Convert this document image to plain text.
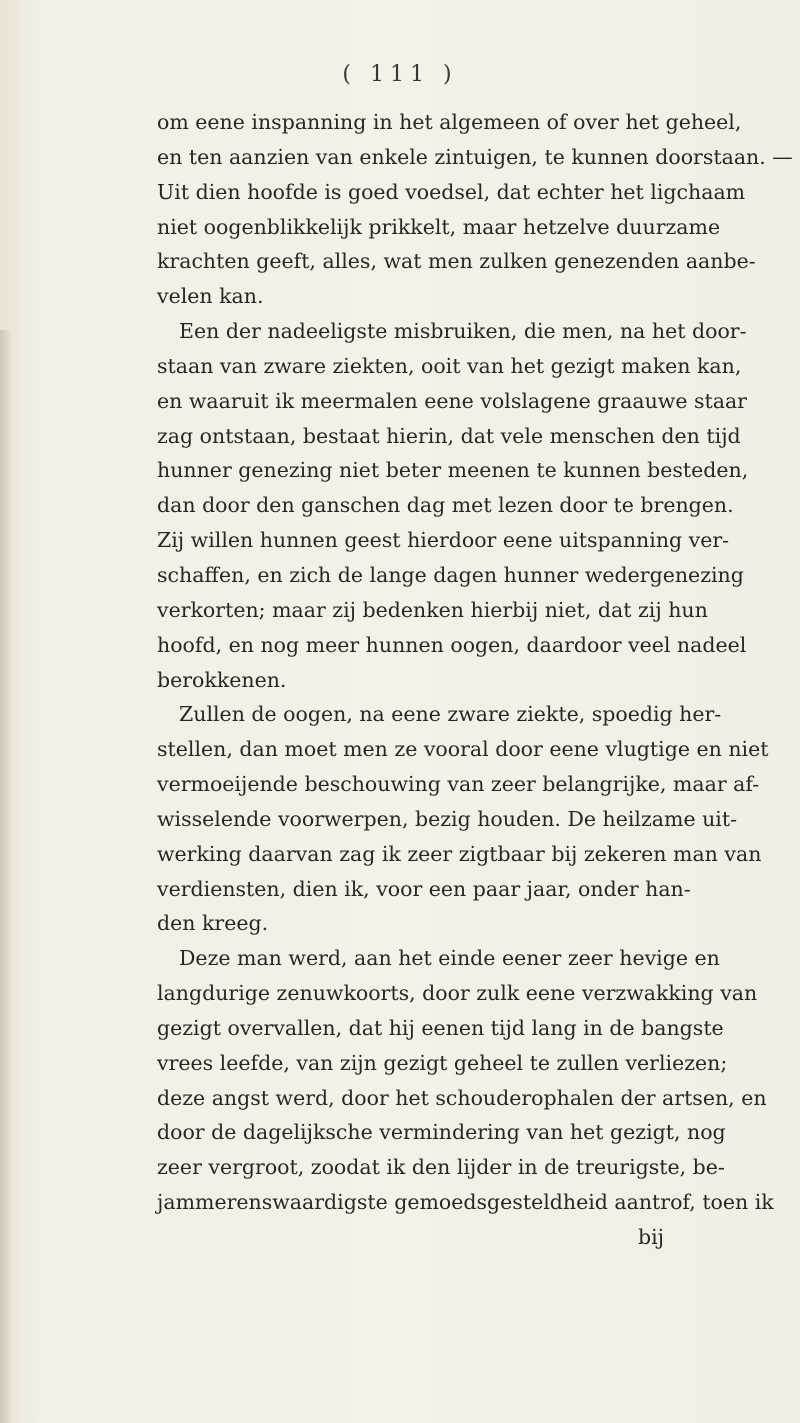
( 111 )
om eene inspanning in het algemeen of over het geheel,
en ten aanzien van enkele zintuigen, te kunnen doorstaan. —
Uit dien hoofde is goed voedsel, dat echter het ligchaam
niet oogenblikkelijk prikkelt, maar hetzelve duurzame
krachten geeft, alles, wat men zulken genezenden aanbe-
velen kan.
Een der nadeeligste misbruiken, die men, na het door-
staan van zware ziekten, ooit van het gezigt maken kan,
en waaruit ik meermalen eene volslagene graauwe staar
zag ontstaan, bestaat hierin, dat vele menschen den tijd
hunner genezing niet beter meenen te kunnen besteden,
dan door den ganschen dag met lezen door te brengen.
Zij willen hunnen geest hierdoor eene uitspanning ver-
schaffen, en zich de lange dagen hunner wedergenezing
verkorten; maar zij bedenken hierbij niet, dat zij hun
hoofd, en nog meer hunnen oogen, daardoor veel nadeel
berokkenen.
Zullen de oogen, na eene zware ziekte, spoedig her-
stellen, dan moet men ze vooral door eene vlugtige en niet
vermoeijende beschouwing van zeer belangrijke, maar af-
wisselende voorwerpen, bezig houden. De heilzame uit-
werking daarvan zag ik zeer zigtbaar bij zekeren man van
verdiensten, dien ik, voor een paar jaar, onder han-
den kreeg.
Deze man werd, aan het einde eener zeer hevige en
langdurige zenuwkoorts, door zulk eene verzwakking van
gezigt overvallen, dat hij eenen tijd lang in de bangste
vrees leefde, van zijn gezigt geheel te zullen verliezen;
deze angst werd, door het schouderophalen der artsen, en
door de dagelijksche vermindering van het gezigt, nog
zeer vergroot, zoodat ik den lijder in de treurigste, be-
jammerenswaardigste gemoedsgesteldheid aantrof, toen ik
bij
